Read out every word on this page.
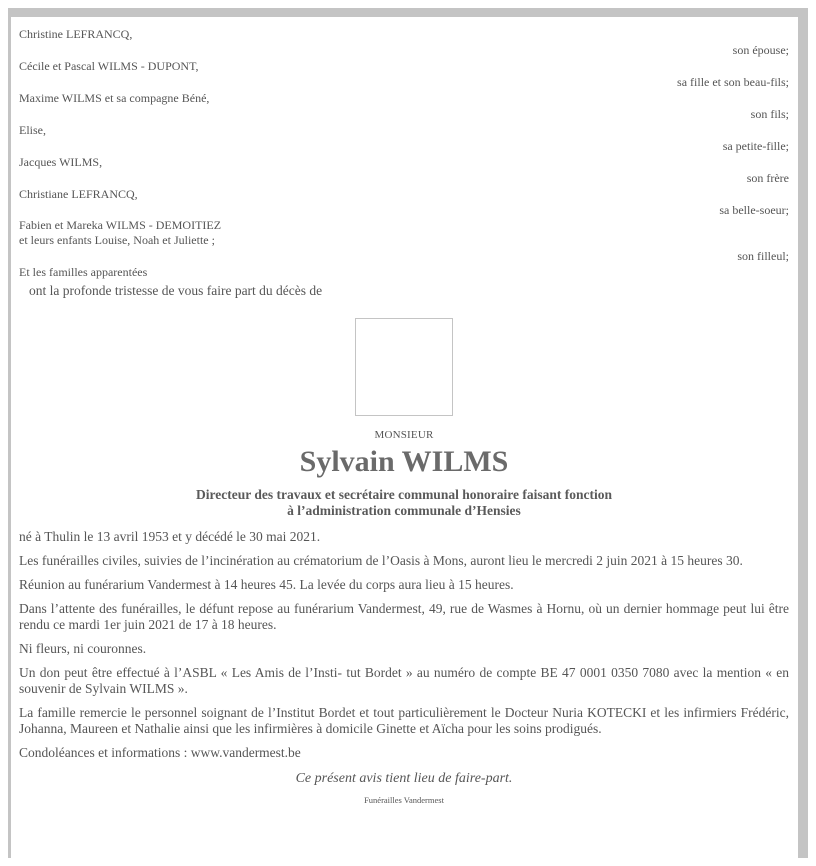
Christine LEFRANCQ,
son épouse;
Cécile et Pascal WILMS - DUPONT,
sa fille et son beau-fils;
Maxime WILMS et sa compagne Béné,
son fils;
Elise,
sa petite-fille;
Jacques WILMS,
son frère
Christiane LEFRANCQ,
sa belle-soeur;
Fabien et Mareka WILMS - DEMOITIEZ
et leurs enfants Louise, Noah et Juliette ;
son filleul;
Et les familles apparentées
ont la profonde tristesse de vous faire part du décès de
MONSIEUR
Sylvain WILMS
Directeur des travaux et secrétaire communal honoraire faisant fonction
à l’administration communale d’Hensies
né à Thulin le 13 avril 1953 et y décédé le 30 mai 2021.
Les funérailles civiles, suivies de l’incinération au crématorium de l’Oasis à Mons, auront lieu le mercredi 2 juin 2021 à 15 heures 30.
Réunion au funérarium Vandermest à 14 heures 45. La levée du corps aura lieu à 15 heures.
Dans l’attente des funérailles, le défunt repose au funérarium Vandermest, 49, rue de Wasmes à Hornu, où un dernier hommage peut lui être rendu ce mardi 1er juin 2021 de 17 à 18 heures.
Ni fleurs, ni couronnes.
Un don peut être effectué à l’ASBL « Les Amis de l’Insti- tut Bordet » au numéro de compte BE 47 0001 0350 7080 avec la mention « en souvenir de Sylvain WILMS ».
La famille remercie le personnel soignant de l’Institut Bordet et tout particulièrement le Docteur Nuria KOTECKI et les infirmiers Frédéric, Johanna, Maureen et Nathalie ainsi que les infirmières à domicile Ginette et Aïcha pour les soins prodigués.
Condoléances et informations : www.vandermest.be
Ce présent avis tient lieu de faire-part.
Funérailles Vandermest
